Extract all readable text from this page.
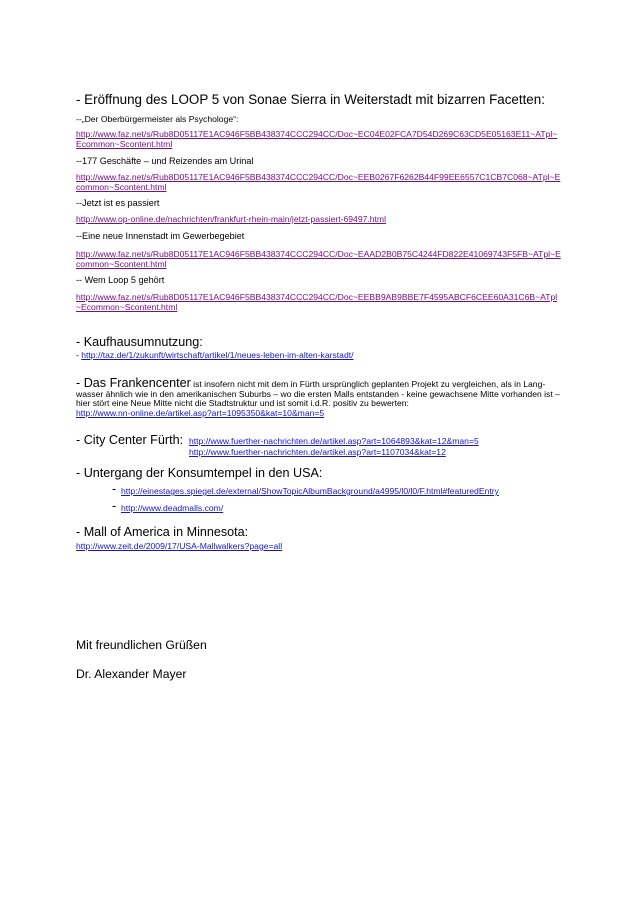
- Eröffnung des LOOP 5 von Sonae Sierra in Weiterstadt mit bizarren Facetten:
--„Der Oberbürgermeister als Psychologe“:
http://www.faz.net/s/Rub8D05117E1AC946F5BB438374CCC294CC/Doc~EC04E02FCA7D54D269C63CD5E05163E11~ATpl~
Ecommon~Scontent.html
--177 Geschäfte – und Reizendes am Urinal
http://www.faz.net/s/Rub8D05117E1AC946F5BB438374CCC294CC/Doc~EEB0267F6262B44F99EE6557C1CB7C068~ATpl~E
common~Scontent.html
--Jetzt ist es passiert
http://www.op-online.de/nachrichten/frankfurt-rhein-main/jetzt-passiert-69497.html
--Eine neue Innenstadt im Gewerbegebiet
http://www.faz.net/s/Rub8D05117E1AC946F5BB438374CCC294CC/Doc~EAAD2B0B75C4244FD822E41069743F5FB~ATpl~E
common~Scontent.html
-- Wem Loop 5 gehört
http://www.faz.net/s/Rub8D05117E1AC946F5BB438374CCC294CC/Doc~EEBB9AB9BBE7F4595ABCF6CEE60A31C6B~ATpl
~Ecommon~Scontent.html
- Kaufhausumnutzung:
- http://taz.de/1/zukunft/wirtschaft/artikel/1/neues-leben-im-alten-karstadt/
- Das Frankencenter ist insofern nicht mit dem in Fürth ursprünglich geplanten Projekt zu vergleichen, als in Lang-
wasser ähnlich wie in den amerikanischen Suburbs – wo die ersten Malls entstanden - keine gewachsene Mitte vorhanden ist –
hier stört eine Neue Mitte nicht die Stadtstruktur und ist somit i.d.R. positiv zu bewerten:
http://www.nn-online.de/artikel.asp?art=1095350&kat=10&man=5
- City Center Fürth: http://www.fuerther-nachrichten.de/artikel.asp?art=1064893&kat=12&man=5
http://www.fuerther-nachrichten.de/artikel.asp?art=1107034&kat=12
- Untergang der Konsumtempel in den USA:
- http://einestages.spiegel.de/external/ShowTopicAlbumBackground/a4995/l0/l0/F.html#featuredEntry
- http://www.deadmalls.com/
- Mall of America in Minnesota:
http://www.zeit.de/2009/17/USA-Mallwalkers?page=all
Mit freundlichen Grüßen
Dr. Alexander Mayer
